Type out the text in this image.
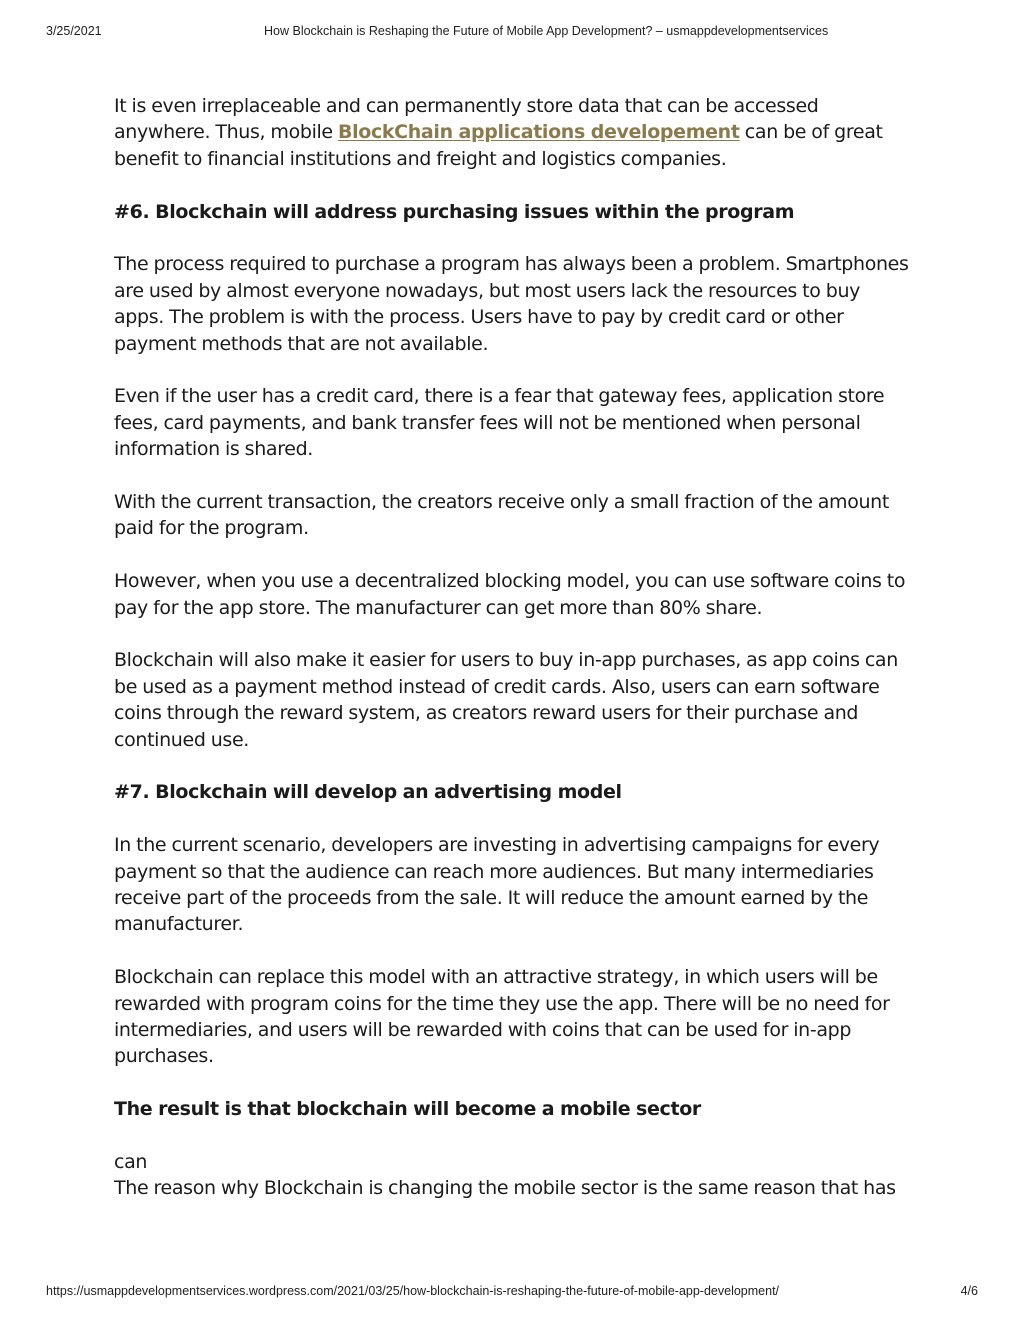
3/25/2021	How Blockchain is Reshaping the Future of Mobile App Development? – usmappdevelopmentservices

It is even irreplaceable and can permanently store data that can be accessed anywhere. Thus, mobile BlockChain applications developement can be of great benefit to financial institutions and freight and logistics companies.

#6. Blockchain will address purchasing issues within the program

The process required to purchase a program has always been a problem. Smartphones are used by almost everyone nowadays, but most users lack the resources to buy apps. The problem is with the process. Users have to pay by credit card or other payment methods that are not available.

Even if the user has a credit card, there is a fear that gateway fees, application store fees, card payments, and bank transfer fees will not be mentioned when personal information is shared.

With the current transaction, the creators receive only a small fraction of the amount paid for the program.

However, when you use a decentralized blocking model, you can use software coins to pay for the app store. The manufacturer can get more than 80% share.

Blockchain will also make it easier for users to buy in-app purchases, as app coins can be used as a payment method instead of credit cards. Also, users can earn software coins through the reward system, as creators reward users for their purchase and continued use.

#7. Blockchain will develop an advertising model

In the current scenario, developers are investing in advertising campaigns for every payment so that the audience can reach more audiences. But many intermediaries receive part of the proceeds from the sale. It will reduce the amount earned by the manufacturer.

Blockchain can replace this model with an attractive strategy, in which users will be rewarded with program coins for the time they use the app. There will be no need for intermediaries, and users will be rewarded with coins that can be used for in-app purchases.

The result is that blockchain will become a mobile sector

can
The reason why Blockchain is changing the mobile sector is the same reason that has

https://usmappdevelopmentservices.wordpress.com/2021/03/25/how-blockchain-is-reshaping-the-future-of-mobile-app-development/	4/6
